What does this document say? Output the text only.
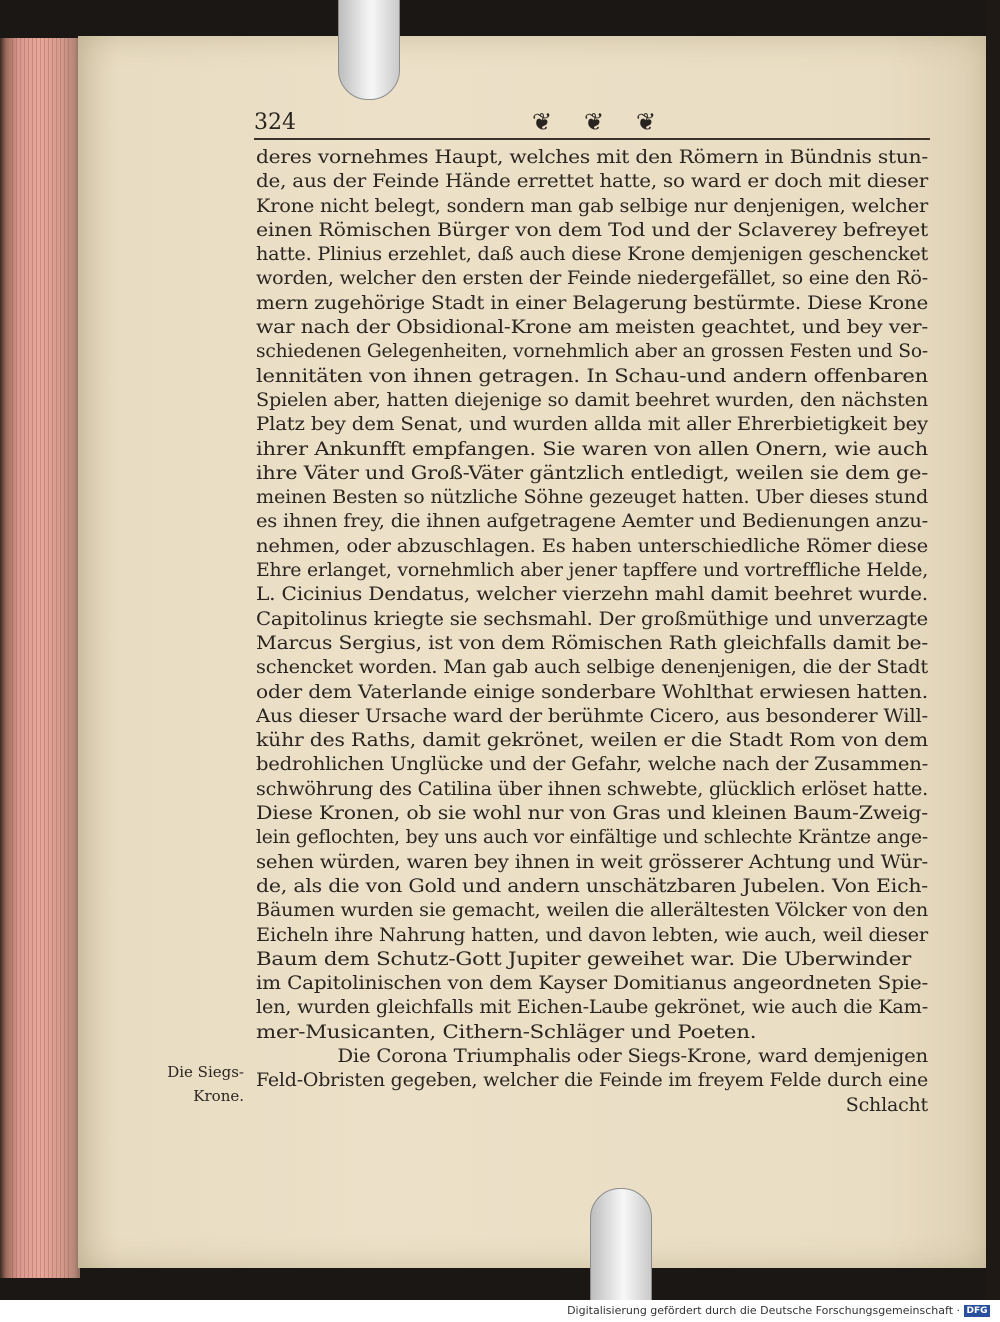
324	❦ ❦ ❦
deres vornehmes Haupt, welches mit den Römern in Bündnis stun-
de, aus der Feinde Hände errettet hatte, so ward er doch mit dieser
Krone nicht belegt, sondern man gab selbige nur denjenigen, welcher
einen Römischen Bürger von dem Tod und der Sclaverey befreyet
hatte. Plinius erzehlet, daß auch diese Krone demjenigen geschencket
worden, welcher den ersten der Feinde niedergefället, so eine den Rö-
mern zugehörige Stadt in einer Belagerung bestürmte. Diese Krone
war nach der Obsidional-Krone am meisten geachtet, und bey ver-
schiedenen Gelegenheiten, vornehmlich aber an grossen Festen und So-
lennitäten von ihnen getragen. In Schau-und andern offenbaren
Spielen aber, hatten diejenige so damit beehret wurden, den nächsten
Platz bey dem Senat, und wurden allda mit aller Ehrerbietigkeit bey
ihrer Ankunfft empfangen. Sie waren von allen Onern, wie auch
ihre Väter und Groß-Väter gäntzlich entledigt, weilen sie dem ge-
meinen Besten so nützliche Söhne gezeuget hatten. Uber dieses stund
es ihnen frey, die ihnen aufgetragene Aemter und Bedienungen anzu-
nehmen, oder abzuschlagen. Es haben unterschiedliche Römer diese
Ehre erlanget, vornehmlich aber jener tapffere und vortreffliche Helde,
L. Cicinius Dendatus, welcher vierzehn mahl damit beehret wurde.
Capitolinus kriegte sie sechsmahl. Der großmüthige und unverzagte
Marcus Sergius, ist von dem Römischen Rath gleichfalls damit be-
schencket worden. Man gab auch selbige denenjenigen, die der Stadt
oder dem Vaterlande einige sonderbare Wohlthat erwiesen hatten.
Aus dieser Ursache ward der berühmte Cicero, aus besonderer Will-
kühr des Raths, damit gekrönet, weilen er die Stadt Rom von dem
bedrohlichen Unglücke und der Gefahr, welche nach der Zusammen-
schwöhrung des Catilina über ihnen schwebte, glücklich erlöset hatte.
Diese Kronen, ob sie wohl nur von Gras und kleinen Baum-Zweig-
lein geflochten, bey uns auch vor einfältige und schlechte Kräntze ange-
sehen würden, waren bey ihnen in weit grösserer Achtung und Wür-
de, als die von Gold und andern unschätzbaren Jubelen. Von Eich-
Bäumen wurden sie gemacht, weilen die allerältesten Völcker von den
Eicheln ihre Nahrung hatten, und davon lebten, wie auch, weil dieser
Baum dem Schutz-Gott Jupiter geweihet war. Die Uberwinder
im Capitolinischen von dem Kayser Domitianus angeordneten Spie-
len, wurden gleichfalls mit Eichen-Laube gekrönet, wie auch die Kam-
mer-Musicanten, Cithern-Schläger und Poeten.
Die Corona Triumphalis oder Siegs-Krone, ward demjenigen
Feld-Obristen gegeben, welcher die Feinde im freyem Felde durch eine
Schlacht
Die Siegs-
Krone.
Digitalisierung gefördert durch die Deutsche Forschungsgemeinschaft · DFG
